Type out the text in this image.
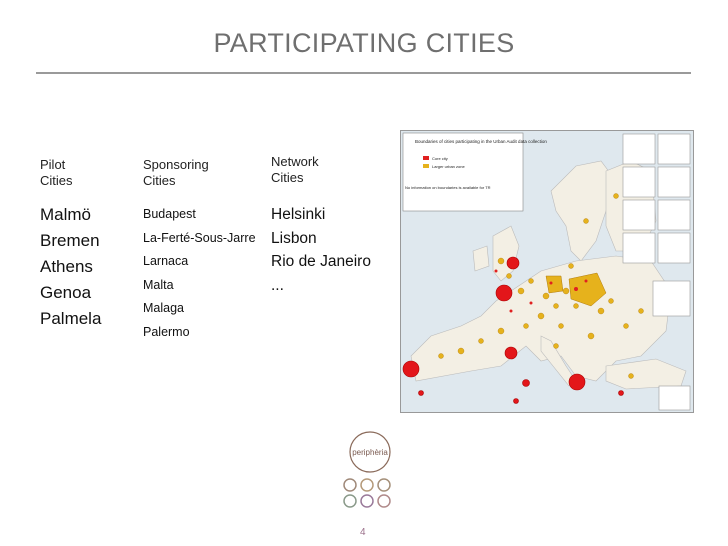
PARTICIPATING CITIES
Pilot
Cities
Sponsoring
Cities
Network
Cities
Malmö
Bremen
Athens
Genoa
Palmela
Budapest
La-Ferté-Sous-Jarre
Larnaca
Malta
Malaga
Palermo
Helsinki
Lisbon
Rio de Janeiro
...
Boundaries of cities participating in the Urban Audit data collection
Core city
Larger urban zone
No information on boundaries is available for TR
periphèria
4
